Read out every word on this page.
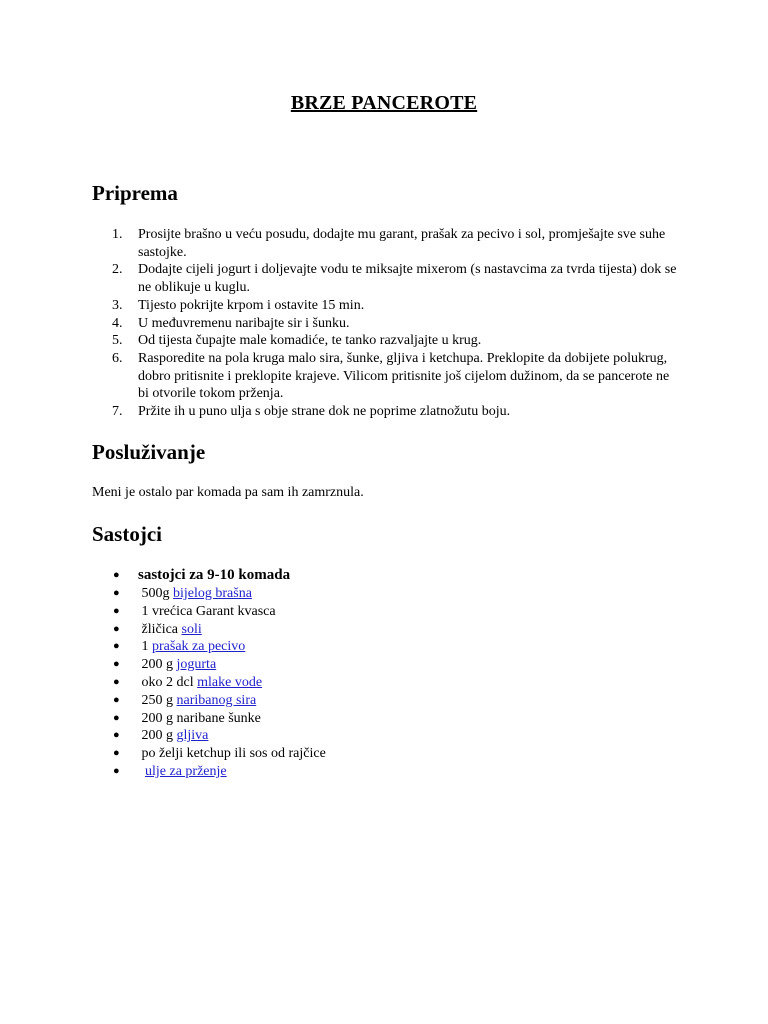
BRZE PANCEROTE
Priprema
1. Prosijte brašno u veću posudu, dodajte mu garant, prašak za pecivo i sol, promješajte sve suhe sastojke.
2. Dodajte cijeli jogurt i doljevajte vodu te miksajte mixerom (s nastavcima za tvrda tijesta) dok se ne oblikuje u kuglu.
3. Tijesto pokrijte krpom i ostavite 15 min.
4. U međuvremenu naribajte sir i šunku.
5. Od tijesta čupajte male komadiće, te tanko razvaljajte u krug.
6. Rasporedite na pola kruga malo sira, šunke, gljiva i ketchupa. Preklopite da dobijete polukrug, dobro pritisnite i preklopite krajeve. Vilicom pritisnite još cijelom dužinom, da se pancerote ne bi otvorile tokom prženja.
7. Pržite ih u puno ulja s obje strane dok ne poprime zlatnožutu boju.
Posluživanje

Meni je ostalo par komada pa sam ih zamrznula.

Sastojci
● sastojci za 9-10 komada
● 500g bijelog brašna
● 1 vrećica Garant kvasca
● žličica soli
● 1 prašak za pecivo
● 200 g jogurta
● oko 2 dcl mlake vode
● 250 g naribanog sira
● 200 g naribane šunke
● 200 g gljiva
● po želji ketchup ili sos od rajčice
● ulje za prženje
